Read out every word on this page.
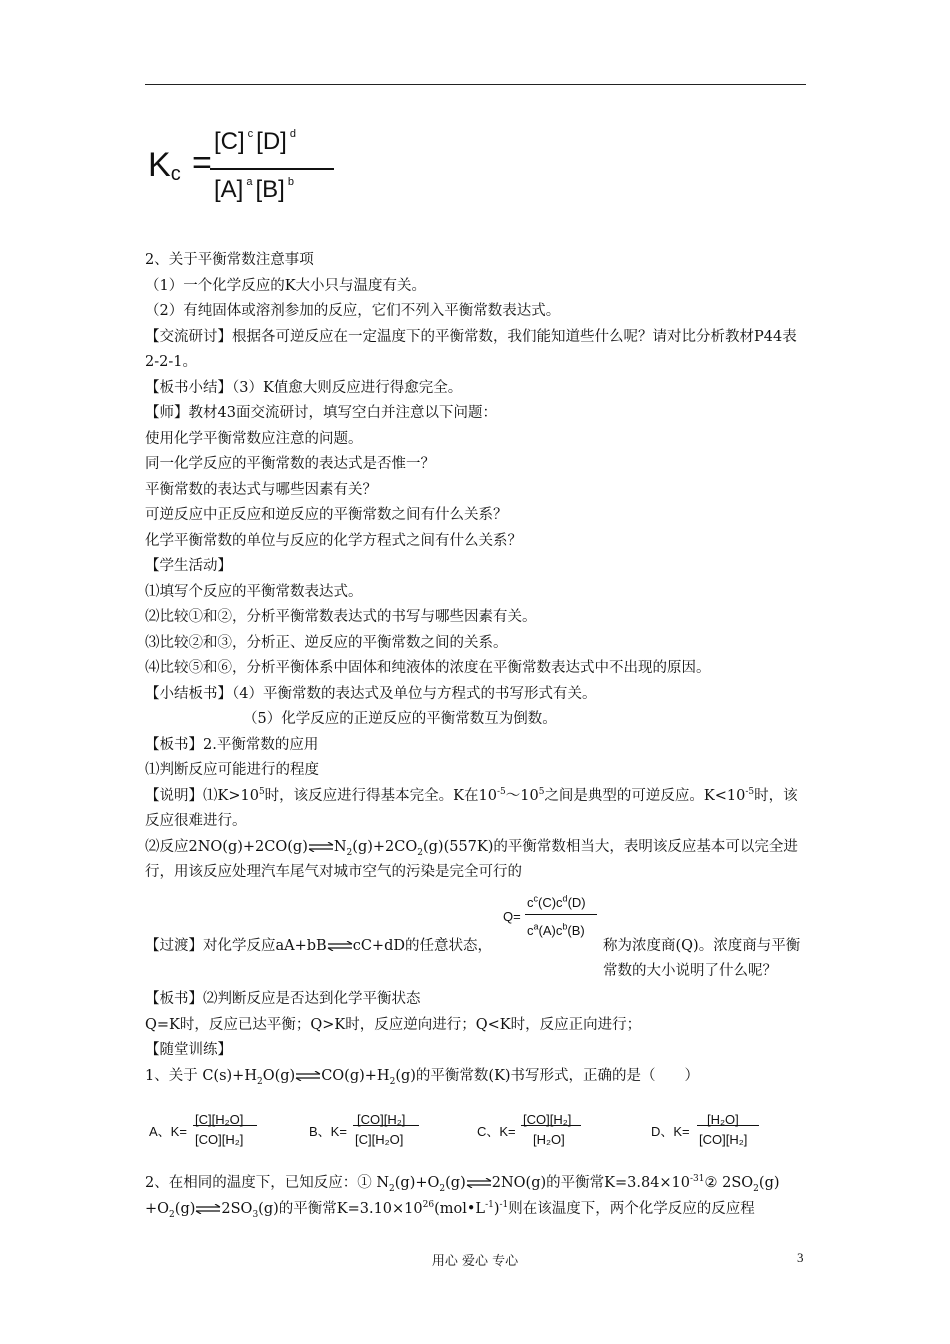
$K_c$ =
[C] $^c$ [D] $^d$
[A] $^a$ [B] $^b$
2、关于平衡常数注意事项
（1）一个化学反应的K大小只与温度有关。
（2）有纯固体或溶剂参加的反应，它们不列入平衡常数表达式。
【交流研讨】根据各可逆反应在一定温度下的平衡常数，我们能知道些什么呢？请对比分析教材P44表2-2-1。
【板书小结】（3）K值愈大则反应进行得愈完全。
【师】教材43面交流研讨，填写空白并注意以下问题：
使用化学平衡常数应注意的问题。
同一化学反应的平衡常数的表达式是否惟一？
平衡常数的表达式与哪些因素有关？
可逆反应中正反应和逆反应的平衡常数之间有什么关系？
化学平衡常数的单位与反应的化学方程式之间有什么关系？
【学生活动】
⑴填写个反应的平衡常数表达式。
⑵比较①和②，分析平衡常数表达式的书写与哪些因素有关。
⑶比较②和③，分析正、逆反应的平衡常数之间的关系。
⑷比较⑤和⑥，分析平衡体系中固体和纯液体的浓度在平衡常数表达式中不出现的原因。
【小结板书】（4）平衡常数的表达式及单位与方程式的书写形式有关。
（5）化学反应的正逆反应的平衡常数互为倒数。
【板书】2.平衡常数的应用
⑴判断反应可能进行的程度
【说明】$⑴K>10^5$时，该反应进行得基本完全。K在$10^{-5}\sim 10^5$之间是典型的可逆反应。$K<10^{-5}$时，该反应很难进行。
⑵反应$2NO(g)+2CO(g)\rightleftharpoons N_2(g)+2CO_2(g)(557K)$的平衡常数相当大，表明该反应基本可以完全进行，用该反应处理汽车尾气对城市空气的污染是完全可行的
Q=
$c^c(C)c^d(D)$
$c^a(A)c^b(B)$
【过渡】对化学反应aA+bB⇌cC+dD的任意状态，	称为浓度商(Q)。浓度商与平衡常数的大小说明了什么呢？

【板书】⑵判断反应是否达到化学平衡状态
Q=K时，反应已达平衡；Q>K时，反应逆向进行；Q<K时，反应正向进行；
【随堂训练】
1、关于 $C(s)+H_2O(g)\rightleftharpoons CO(g)+H_2(g)$的平衡常数(K)书写形式，正确的是（　　）
A、K=
[C][H₂O]
[CO][H₂]
B、K=
[CO][H₂]
[C][H₂O]
C、K=
[CO][H₂]
[H₂O]
D、K=
[H₂O]
[CO][H₂]
2、在相同的温度下，已知反应：① $N_2(g)+O_2(g)\rightleftharpoons 2NO(g)$的平衡常$K=3.84\times 10^{-31}②$ $2SO_2(g)$
$+O_2(g)\rightleftharpoons 2SO_3(g)$的平衡常$K=3.10\times 10^{26}(mol•L^{-1})^{-1}$则在该温度下，两个化学反应的反应程
用心 爱心 专心	3
